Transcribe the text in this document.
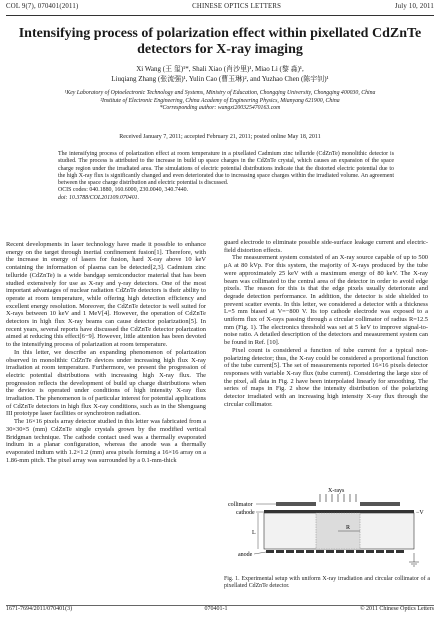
COL 9(7), 070401(2011)	CHINESE OPTICS LETTERS	July 10, 2011
Intensifying process of polarization effect within pixellated CdZnTe detectors for X-ray imaging
Xi Wang (王 玺)¹*, Shali Xiao (肖沙里)¹, Miao Li (黎 淼)¹,
Liuqiang Zhang (张流强)¹, Yulin Cao (曹玉琳)², and Yuzhao Chen (陈宇钊)¹

¹Key Laboratory of Optoelectronic Technology and Systems, Ministry of Education, Chongqing University, Chongqing 400030, China

²Institute of Electronic Engineering, China Academy of Engineering Physics, Mianyang 621900, China

*Corresponding author: wangxi200325470163.com

Received January 7, 2011; accepted February 21, 2011; posted online May 18, 2011

The intensifying process of polarization effect at room temperature in a pixellated Cadmium zinc telluride (CdZnTe) monolithic detector is studied. The process is attributed to the increase in build up space charges in the CdZnTe crystal, which causes an expansion of the space charge region under the irradiated area. The simulations of electric potential distributions indicate that the distorted electric potential due to the high X-ray flux is significantly changed and even deteriorated due to increasing space charges within the irradiated volume. An agreement between the space charge distribution and electric potential is discussed.

OCIS codes: 040.1880, 160.6000, 230.0040, 340.7440.

doi: 10.3788/COL201109.070401.

Recent developments in laser technology have made it possible to enhance energy on the target through inertial confinement fusion[1]. Therefore, with the increase in energy of lasers for fusion, hard X-ray above 10 keV containing the information of plasma can be detected[2,3]. Cadmium zinc telluride (CdZnTe) is a wide bandgap semiconductor material that has been studied extensively for use as X-ray and γ-ray detectors. One of the most important advantages of nuclear radiation CdZnTe detectors is their ability to operate at room temperature, while offering high detection efficiency and excellent energy resolution. Moreover, the CdZnTe detector is well suited for X-rays between 10 keV and 1 MeV[4]. However, the operation of CdZnTe detectors in high flux X-ray beams can cause detector polarization[5]. In recent years, several reports have discussed the CdZnTe detector polarization aimed at reducing this effect[6−9]. However, little attention has been devoted to the intensifying process of polarization at room temperature.

In this letter, we describe an expanding phenomenon of polarization observed in monolithic CdZnTe devices under increasing high flux X-ray irradiation at room temperature. Furthermore, we present the progression of electric potential distributions with increasing high X-ray flux. The progression reflects the development of build up charge distributions when the device is operated under conditions of high intensity X-ray flux irradiation. The phenomenon is of particular interest for potential applications of CdZnTe detectors in high flux X-ray conditions, such as in the Shenguang III prototype laser facilities or synchrotron radiation.

The 16×16 pixels array detector studied in this letter was fabricated from a 30×30×5 (mm) CdZnTe single crystals grown by the modified vertical Bridgman technique. The cathode contact used was a thermally evaporated indium in a planar configuration, whereas the anode was a thermally evaporated indium with 1.2×1.2 (mm) area pixels forming a 16×16 array on a 1.86-mm pitch. The pixel array was surrounded by a 0.1-mm-thick

guard electrode to eliminate possible side-surface leakage current and electric-field distortion effects.

The measurement system consisted of an X-ray source capable of up to 500 μA at 80 kVp. For this system, the majority of X-rays produced by the tube were approximately 25 keV with a maximum energy of 80 keV. The X-ray beam was collimated to the central area of the detector in order to avoid edge pixels. The reason for this is that the edge pixels usually deteriorate and degrade detection performance. In addition, the detector is side shielded to prevent scatter events. In this letter, we considered a detector with a thickness L=5 mm biased at V=−800 V. Its top cathode electrode was exposed to a uniform flux of X-rays passing through a circular collimator of radius R=12.5 mm (Fig. 1). The electronics threshold was set at 5 keV to improve signal-to-noise ratio. A detailed description of the detectors and measurement system can be found in Ref. [10].

Pixel count is considered a function of tube current for a typical non-polarizing detector; thus, the X-ray could be considered a proportional function of the tube current[5]. The set of measurements reported 16×16 pixels detector responses with variable X-ray flux (tube current). Considering the large size of the pixel, all data in Fig. 2 have been interpolated linearly for smoothing. The series of maps in Fig. 2 show the intensity distribution of the polarizing detector irradiated with an increasing high intensity X-ray flux through the circular collimator.

X-rays
collimator
cathode	−V
L
R
anode

Fig. 1. Experimental setup with uniform X-ray irradiation and circular collimator of a pixellated CdZnTe detector.

1671-7694/2011/070401(3)	070401-1	© 2011 Chinese Optics Letters
